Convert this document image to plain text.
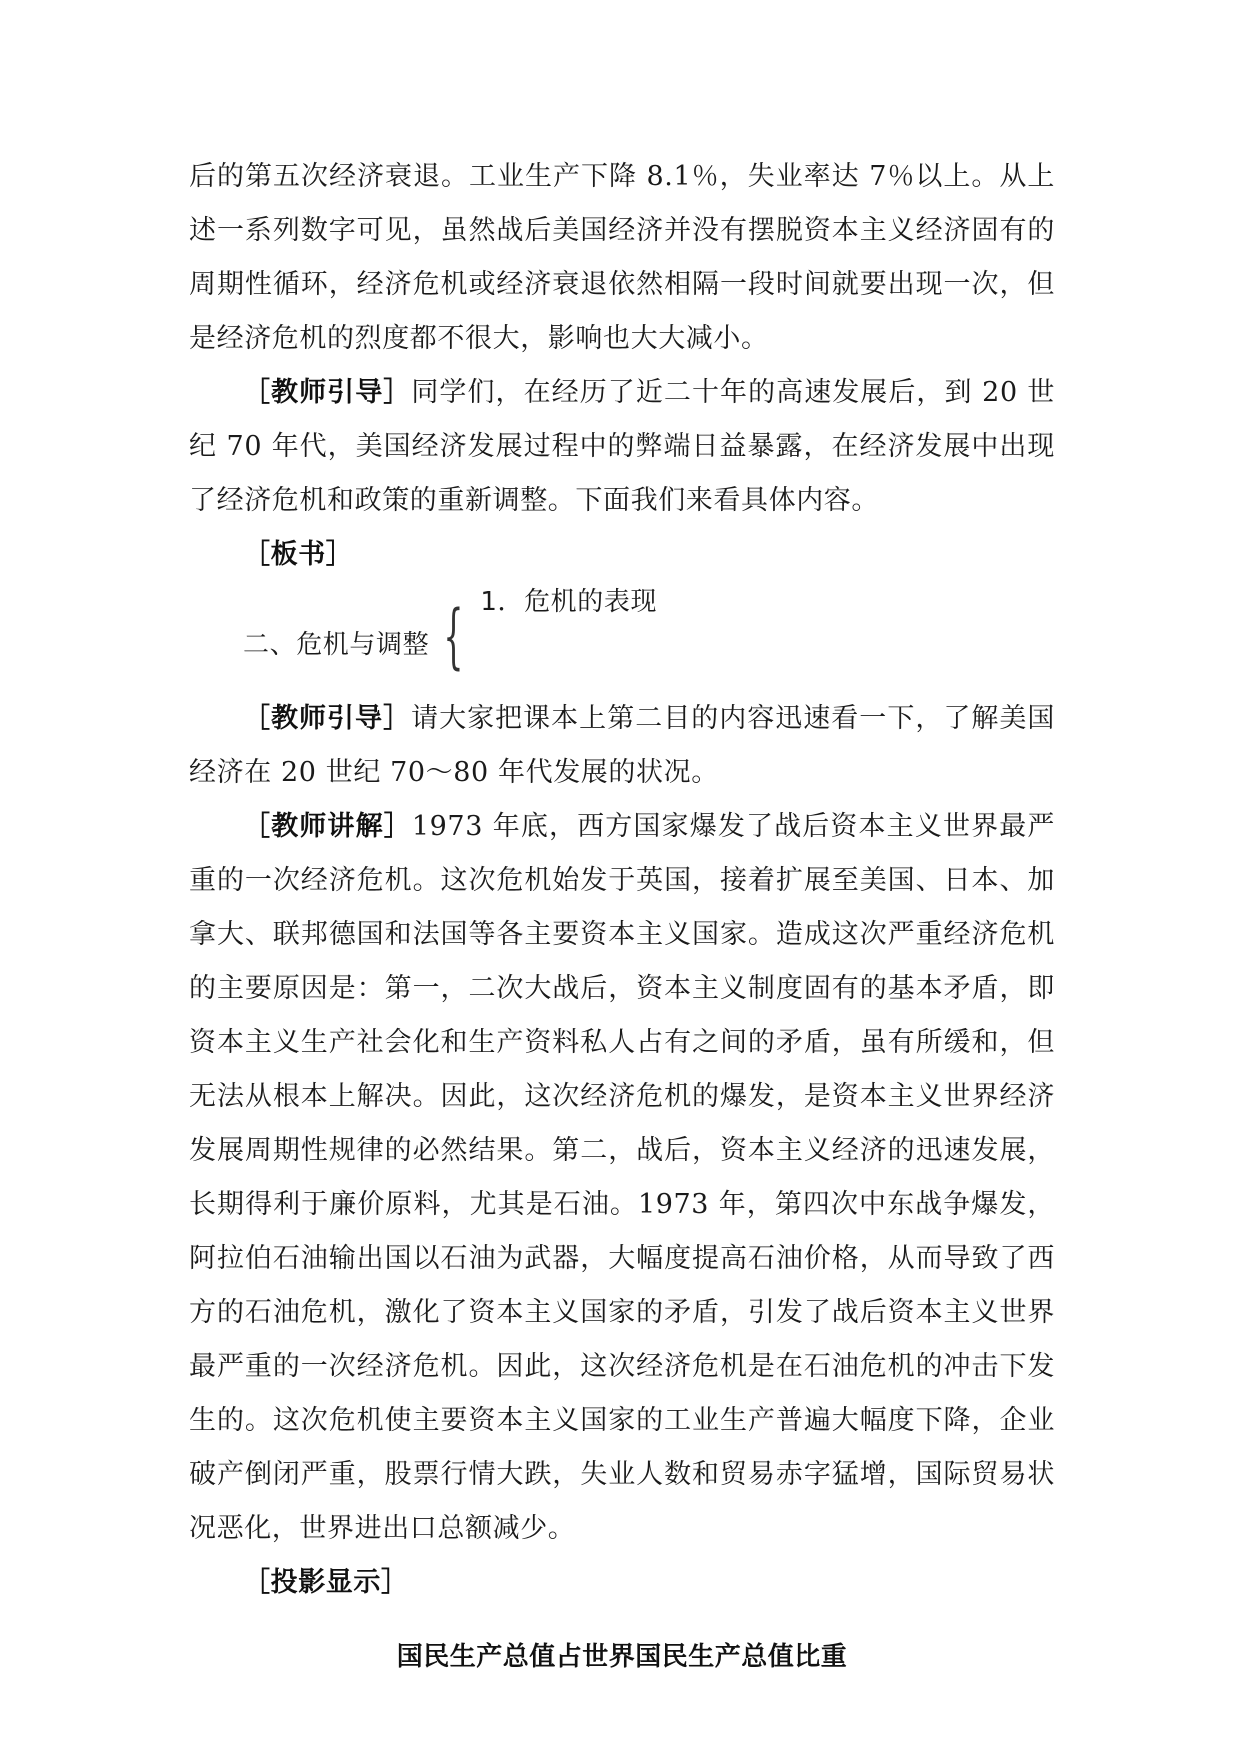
后的第五次经济衰退。工业生产下降 8.1％，失业率达 7％以上。从上述一系列数字可见，虽然战后美国经济并没有摆脱资本主义经济固有的周期性循环，经济危机或经济衰退依然相隔一段时间就要出现一次，但是经济危机的烈度都不很大，影响也大大减小。

［教师引导］同学们，在经历了近二十年的高速发展后，到 20 世纪 70 年代，美国经济发展过程中的弊端日益暴露，在经济发展中出现了经济危机和政策的重新调整。下面我们来看具体内容。

［板书］

二、危机与调整 { 1．危机的表现

［教师引导］请大家把课本上第二目的内容迅速看一下，了解美国经济在 20 世纪 70～80 年代发展的状况。

［教师讲解］1973 年底，西方国家爆发了战后资本主义世界最严重的一次经济危机。这次危机始发于英国，接着扩展至美国、日本、加拿大、联邦德国和法国等各主要资本主义国家。造成这次严重经济危机的主要原因是：第一，二次大战后，资本主义制度固有的基本矛盾，即资本主义生产社会化和生产资料私人占有之间的矛盾，虽有所缓和，但无法从根本上解决。因此，这次经济危机的爆发，是资本主义世界经济发展周期性规律的必然结果。第二，战后，资本主义经济的迅速发展，长期得利于廉价原料，尤其是石油。1973 年，第四次中东战争爆发，阿拉伯石油输出国以石油为武器，大幅度提高石油价格，从而导致了西方的石油危机，激化了资本主义国家的矛盾，引发了战后资本主义世界最严重的一次经济危机。因此，这次经济危机是在石油危机的冲击下发生的。这次危机使主要资本主义国家的工业生产普遍大幅度下降，企业破产倒闭严重，股票行情大跌，失业人数和贸易赤字猛增，国际贸易状况恶化，世界进出口总额减少。

［投影显示］

国民生产总值占世界国民生产总值比重
